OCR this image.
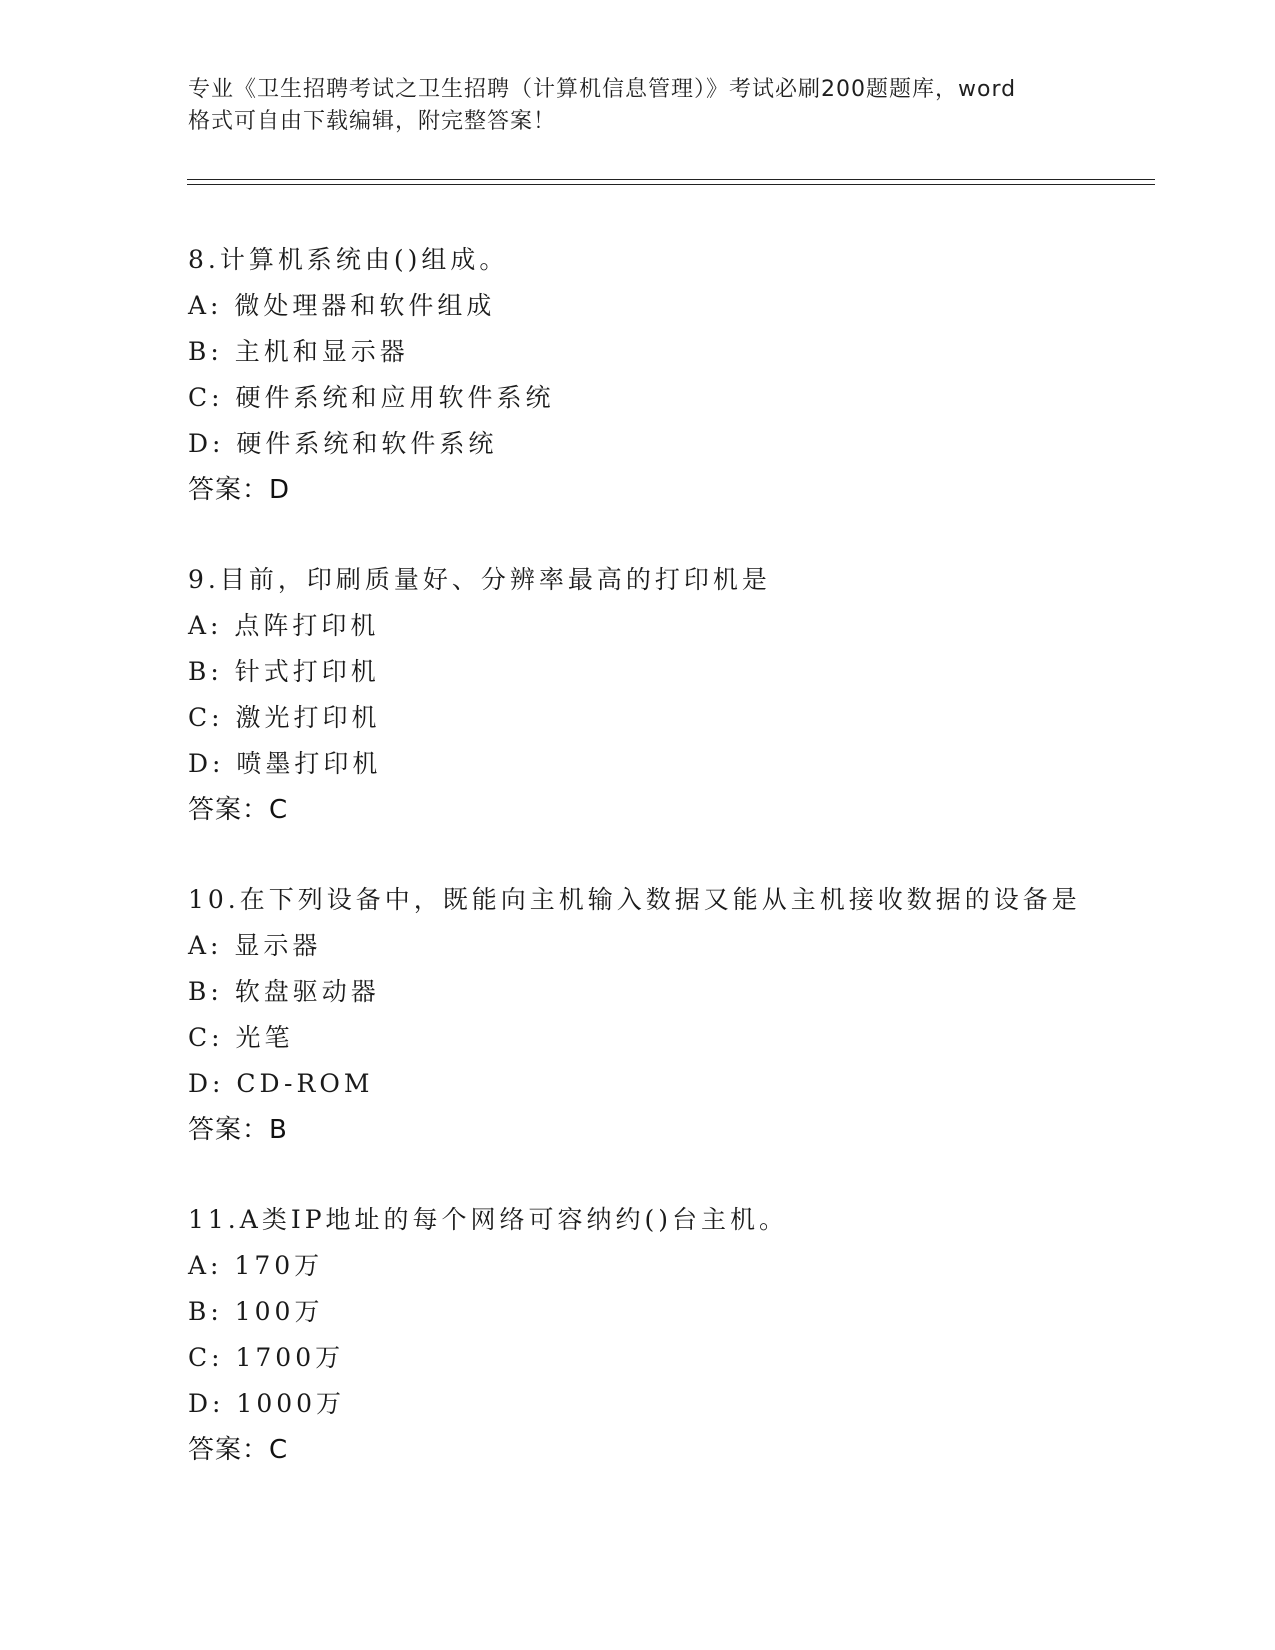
专业《卫生招聘考试之卫生招聘（计算机信息管理）》考试必刷200题题库，word
格式可自由下载编辑，附完整答案！
8.计算机系统由()组成。
A: 微处理器和软件组成
B: 主机和显示器
C: 硬件系统和应用软件系统
D: 硬件系统和软件系统
答案：D
9.目前，印刷质量好、分辨率最高的打印机是
A: 点阵打印机
B: 针式打印机
C: 激光打印机
D: 喷墨打印机
答案：C
10.在下列设备中，既能向主机输入数据又能从主机接收数据的设备是
A: 显示器
B: 软盘驱动器
C: 光笔
D: CD-ROM
答案：B
11.A类IP地址的每个网络可容纳约()台主机。
A: 170万
B: 100万
C: 1700万
D: 1000万
答案：C
